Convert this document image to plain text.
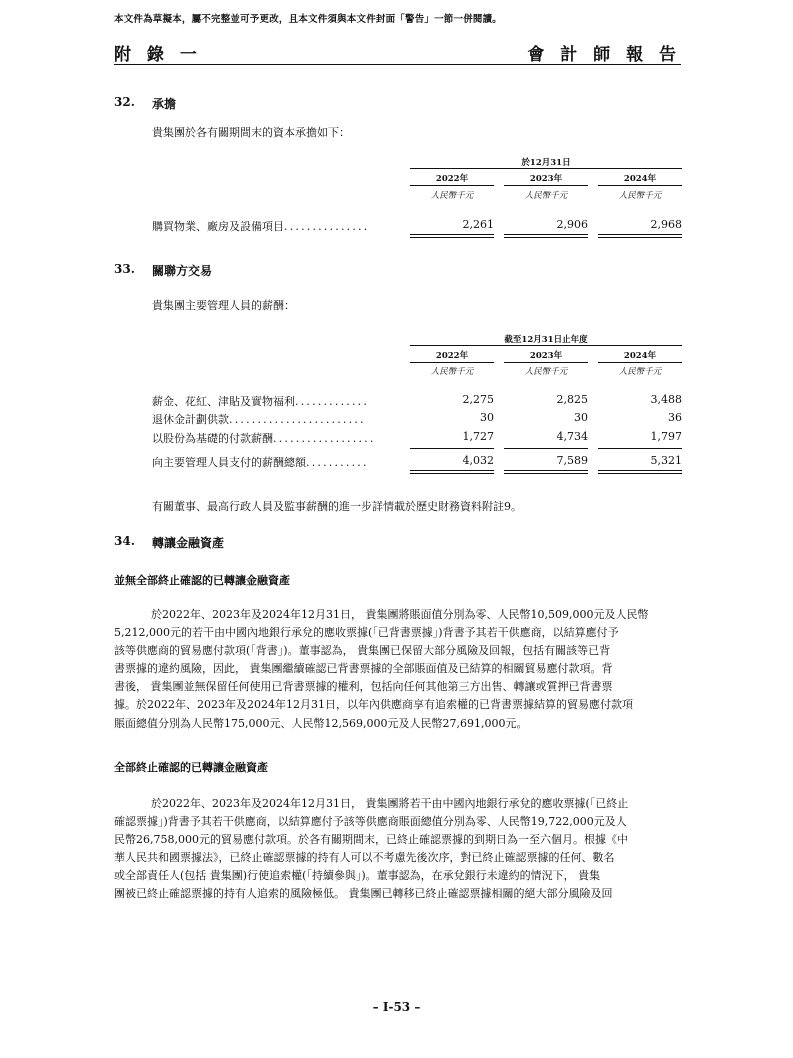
本文件為草擬本，屬不完整並可予更改，且本文件須與本文件封面「警告」一節一併閱讀。
附 錄 一	會 計 師 報 告
32. 承擔
貴集團於各有關期間末的資本承擔如下：
於12月31日
2022年	2023年	2024年
人民幣千元	人民幣千元	人民幣千元
購買物業、廠房及設備項目...............	2,261	2,906	2,968
33. 關聯方交易
貴集團主要管理人員的薪酬：
截至12月31日止年度
2022年	2023年	2024年
人民幣千元	人民幣千元	人民幣千元
薪金、花紅、津貼及實物福利.............	2,275	2,825	3,488
退休金計劃供款........................	30	30	36
以股份為基礎的付款薪酬..................	1,727	4,734	1,797
向主要管理人員支付的薪酬總額...........	4,032	7,589	5,321
有關董事、最高行政人員及監事薪酬的進一步詳情載於歷史財務資料附註9。
34. 轉讓金融資產
並無全部終止確認的已轉讓金融資產
於2022年、2023年及2024年12月31日， 貴集團將賬面值分別為零、人民幣10,509,000元及人民幣
5,212,000元的若干由中國內地銀行承兌的應收票據(「已背書票據」)背書予其若干供應商，以結算應付予
該等供應商的貿易應付款項(「背書」)。董事認為， 貴集團已保留大部分風險及回報，包括有關該等已背
書票據的違約風險，因此， 貴集團繼續確認已背書票據的全部賬面值及已結算的相關貿易應付款項。背
書後， 貴集團並無保留任何使用已背書票據的權利，包括向任何其他第三方出售、轉讓或質押已背書票
據。於2022年、2023年及2024年12月31日，以年內供應商享有追索權的已背書票據結算的貿易應付款項
賬面總值分別為人民幣175,000元、人民幣12,569,000元及人民幣27,691,000元。
全部終止確認的已轉讓金融資產
於2022年、2023年及2024年12月31日， 貴集團將若干由中國內地銀行承兌的應收票據(「已終止
確認票據」)背書予其若干供應商，以結算應付予該等供應商賬面總值分別為零、人民幣19,722,000元及人
民幣26,758,000元的貿易應付款項。於各有關期間末，已終止確認票據的到期日為一至六個月。根據《中
華人民共和國票據法》，已終止確認票據的持有人可以不考慮先後次序，對已終止確認票據的任何、數名
或全部責任人(包括 貴集團)行使追索權(「持續參與」)。董事認為，在承兌銀行未違約的情況下， 貴集
團被已終止確認票據的持有人追索的風險極低。 貴集團已轉移已終止確認票據相關的絕大部分風險及回
– I-53 –
